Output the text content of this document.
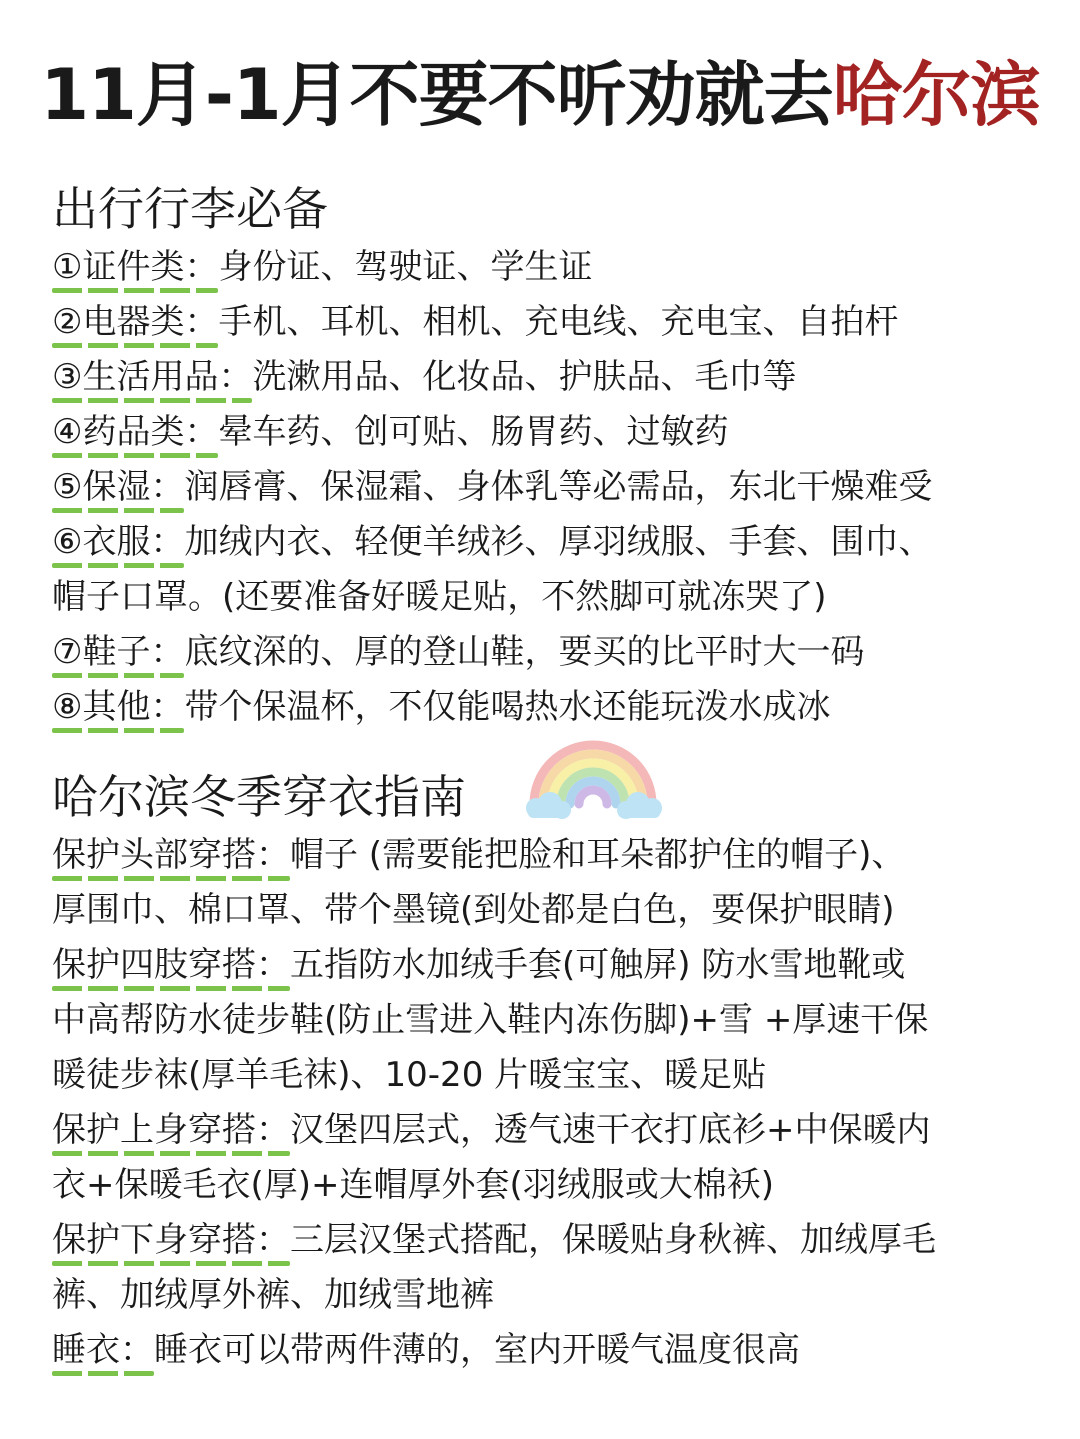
11月-1月不要不听劝就去哈尔滨
出行行李必备
①证件类：身份证、驾驶证、学生证
②电器类：手机、耳机、相机、充电线、充电宝、自拍杆
③生活用品：洗漱用品、化妆品、护肤品、毛巾等
④药品类：晕车药、创可贴、肠胃药、过敏药
⑤保湿：润唇膏、保湿霜、身体乳等必需品，东北干燥难受
⑥衣服：加绒内衣、轻便羊绒衫、厚羽绒服、手套、围巾、
帽子口罩。(还要准备好暖足贴，不然脚可就冻哭了)
⑦鞋子：底纹深的、厚的登山鞋，要买的比平时大一码
⑧其他：带个保温杯，不仅能喝热水还能玩泼水成冰
哈尔滨冬季穿衣指南
保护头部穿搭：帽子 (需要能把脸和耳朵都护住的帽子)、
厚围巾、棉口罩、带个墨镜(到处都是白色，要保护眼睛)
保护四肢穿搭：五指防水加绒手套(可触屏) 防水雪地靴或
中高帮防水徒步鞋(防止雪进入鞋内冻伤脚)+雪 +厚速干保
暖徒步袜(厚羊毛袜)、10-20 片暖宝宝、暖足贴
保护上身穿搭：汉堡四层式，透气速干衣打底衫+中保暖内
衣+保暖毛衣(厚)+连帽厚外套(羽绒服或大棉袄)
保护下身穿搭：三层汉堡式搭配，保暖贴身秋裤、加绒厚毛
裤、加绒厚外裤、加绒雪地裤
睡衣：睡衣可以带两件薄的，室内开暖气温度很高
